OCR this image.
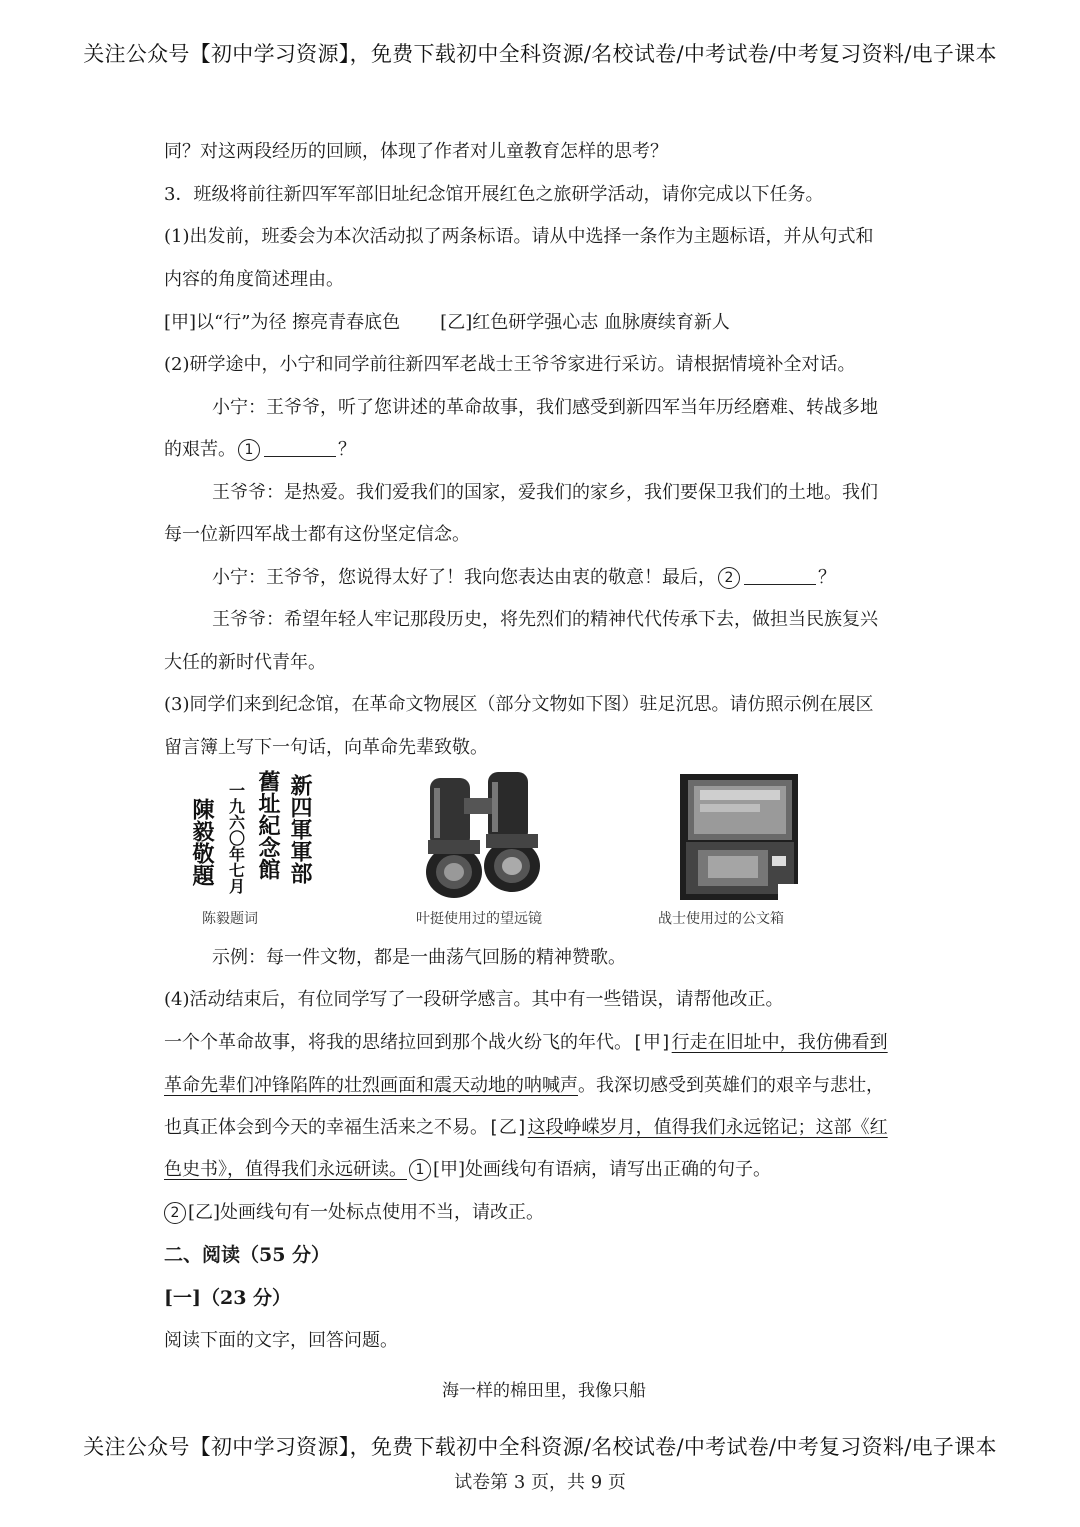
关注公众号【初中学习资源】，免费下载初中全科资源/名校试卷/中考试卷/中考复习资料/电子课本
同？对这两段经历的回顾，体现了作者对儿童教育怎样的思考？
3．班级将前往新四军军部旧址纪念馆开展红色之旅研学活动，请你完成以下任务。
(1)出发前，班委会为本次活动拟了两条标语。请从中选择一条作为主题标语，并从句式和
内容的角度简述理由。
[甲]以“行”为径 擦亮青春底色 [乙]红色研学强心志 血脉赓续育新人
(2)研学途中，小宁和同学前往新四军老战士王爷爷家进行采访。请根据情境补全对话。
小宁：王爷爷，听了您讲述的革命故事，我们感受到新四军当年历经磨难、转战多地
的艰苦。 1	？
王爷爷：是热爱。我们爱我们的国家，爱我们的家乡，我们要保卫我们的土地。我们
每一位新四军战士都有这份坚定信念。
小宁：王爷爷，您说得太好了！我向您表达由衷的敬意！最后， 2	？
王爷爷：希望年轻人牢记那段历史，将先烈们的精神代代传承下去，做担当民族复兴
大任的新时代青年。
(3)同学们来到纪念馆，在革命文物展区（部分文物如下图）驻足沉思。请仿照示例在展区
留言簿上写下一句话，向革命先辈致敬。
新四軍軍部
舊址紀念館
一九六〇年七月
陳毅敬題
陈毅题词	叶挺使用过的望远镜	战士使用过的公文箱
示例：每一件文物，都是一曲荡气回肠的精神赞歌。
(4)活动结束后，有位同学写了一段研学感言。其中有一些错误，请帮他改正。
一个个革命故事，将我的思绪拉回到那个战火纷飞的年代。[甲]行走在旧址中，我仿佛看到
革命先辈们冲锋陷阵的壮烈画面和震天动地的呐喊声。我深切感受到英雄们的艰辛与悲壮，
也真正体会到今天的幸福生活来之不易。[乙]这段峥嵘岁月，值得我们永远铭记；这部《红
色史书》，值得我们永远研读。 1 [甲]处画线句有语病，请写出正确的句子。
2 [乙]处画线句有一处标点使用不当，请改正。
二、阅读（55 分）
[一]（23 分）
阅读下面的文字，回答问题。
海一样的棉田里，我像只船
关注公众号【初中学习资源】，免费下载初中全科资源/名校试卷/中考试卷/中考复习资料/电子课本
试卷第 3 页，共 9 页
